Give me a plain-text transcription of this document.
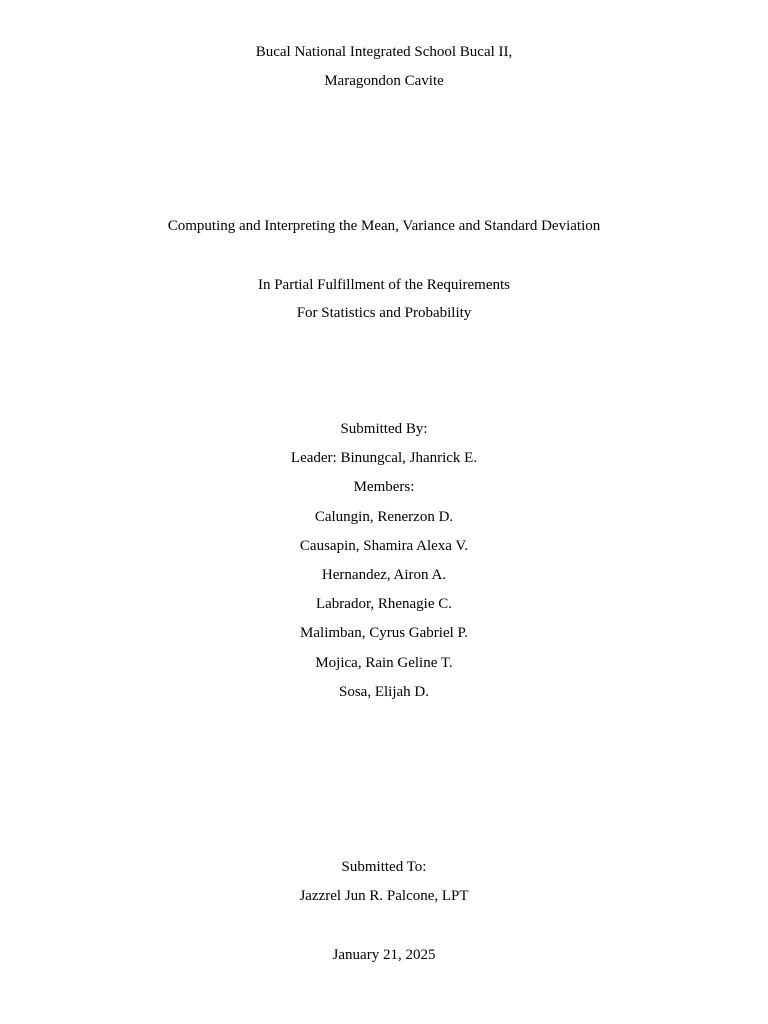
Bucal National Integrated School Bucal II,
Maragondon Cavite
Computing and Interpreting the Mean, Variance and Standard Deviation
In Partial Fulfillment of the Requirements
For Statistics and Probability
Submitted By:
Leader: Binungcal, Jhanrick E.
Members:
Calungin, Renerzon D.
Causapin, Shamira Alexa V.
Hernandez, Airon A.
Labrador, Rhenagie C.
Malimban, Cyrus Gabriel P.
Mojica, Rain Geline T.
Sosa, Elijah D.
Submitted To:
Jazzrel Jun R. Palcone, LPT
January 21, 2025
